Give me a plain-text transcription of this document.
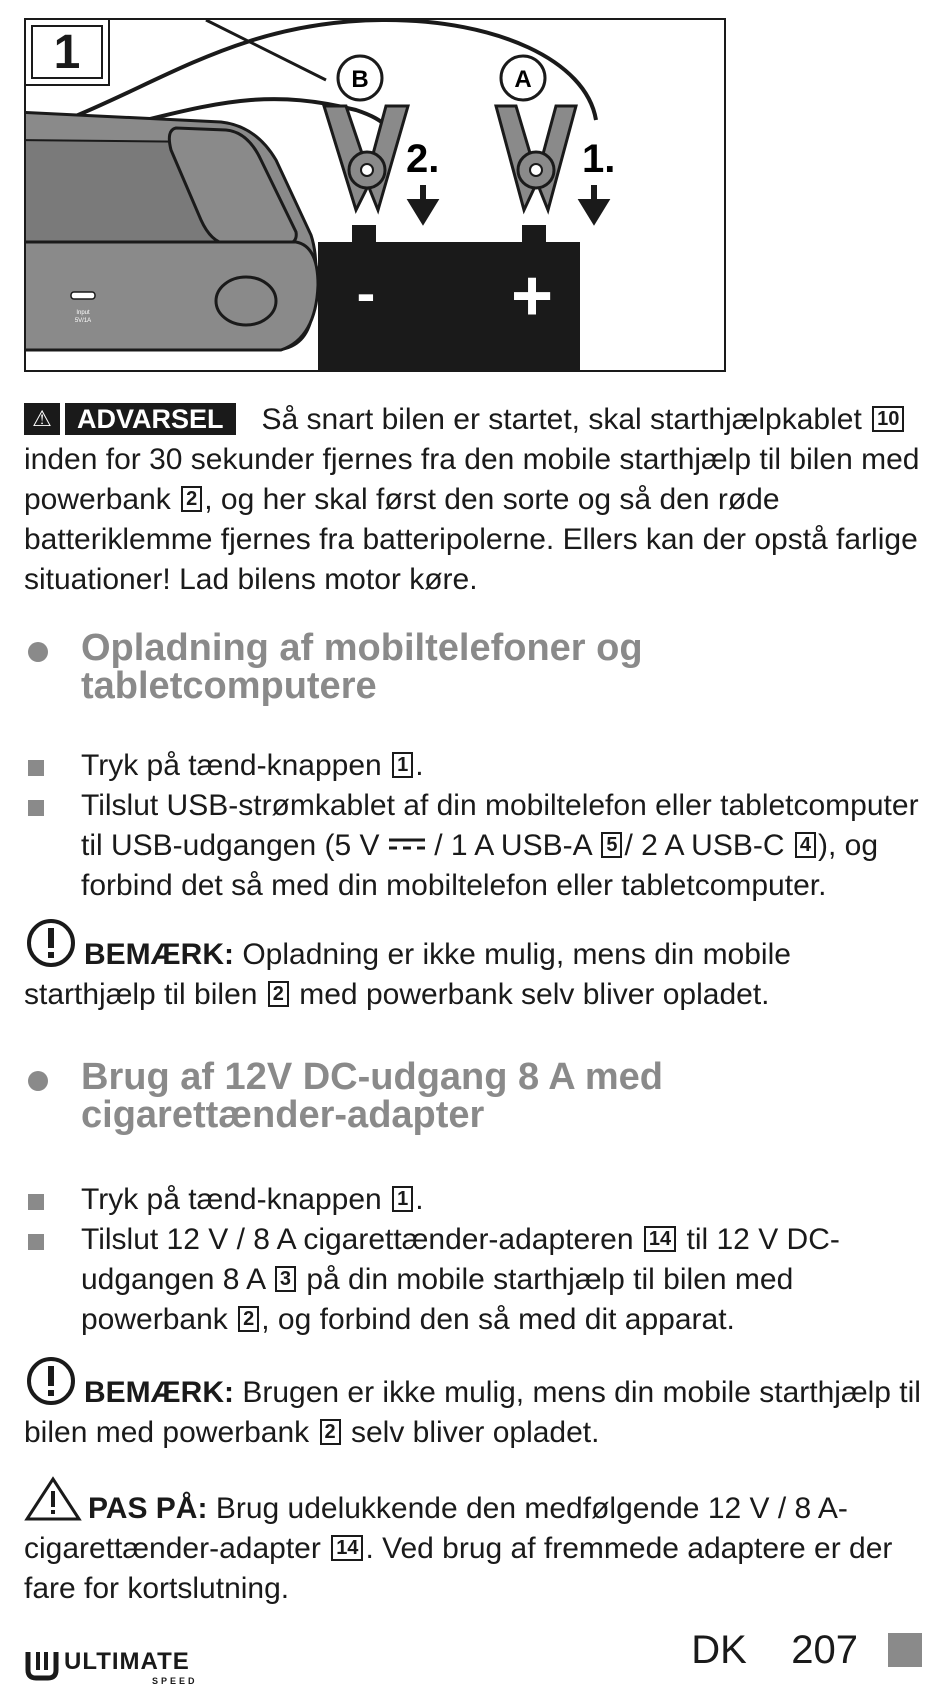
Input
5V/1A	- +
B	A
2.	1.
1
⚠ ADVARSEL Så snart bilen er startet, skal starthjælpkablet 10 inden for 30 sekunder fjernes fra den mobile starthjælp til bilen med powerbank 2 , og her skal først den sorte og så den røde batteriklemme fjernes fra batteripolerne. Ellers kan der opstå farlige situationer! Lad bilens motor køre.
Opladning af mobiltelefoner og tabletcomputere
Tryk på tænd-knappen 1 .
Tilslut USB-strømkablet af din mobiltelefon eller tabletcomputer til USB-udgangen (5 V / 1 A USB-A 5 / 2 A USB-C 4 ), og forbind det så med din mobiltelefon eller tabletcomputer.
BEMÆRK: Opladning er ikke mulig, mens din mobile starthjælp til bilen 2 med powerbank selv bliver opladet.
Brug af 12V DC-udgang 8 A med cigarettænder-adapter
Tryk på tænd-knappen 1 .
Tilslut 12 V / 8 A cigarettænder-adapteren 14 til 12 V DC-udgangen 8 A 3 på din mobile starthjælp til bilen med powerbank 2 , og forbind den så med dit apparat.
BEMÆRK: Brugen er ikke mulig, mens din mobile starthjælp til bilen med powerbank 2 selv bliver opladet.
PAS PÅ: Brug udelukkende den medfølgende 12 V / 8 A-cigarettænder-adapter 14 . Ved brug af fremmede adaptere er der fare for kortslutning.
ULTIMATE
SPEED
DK 207
